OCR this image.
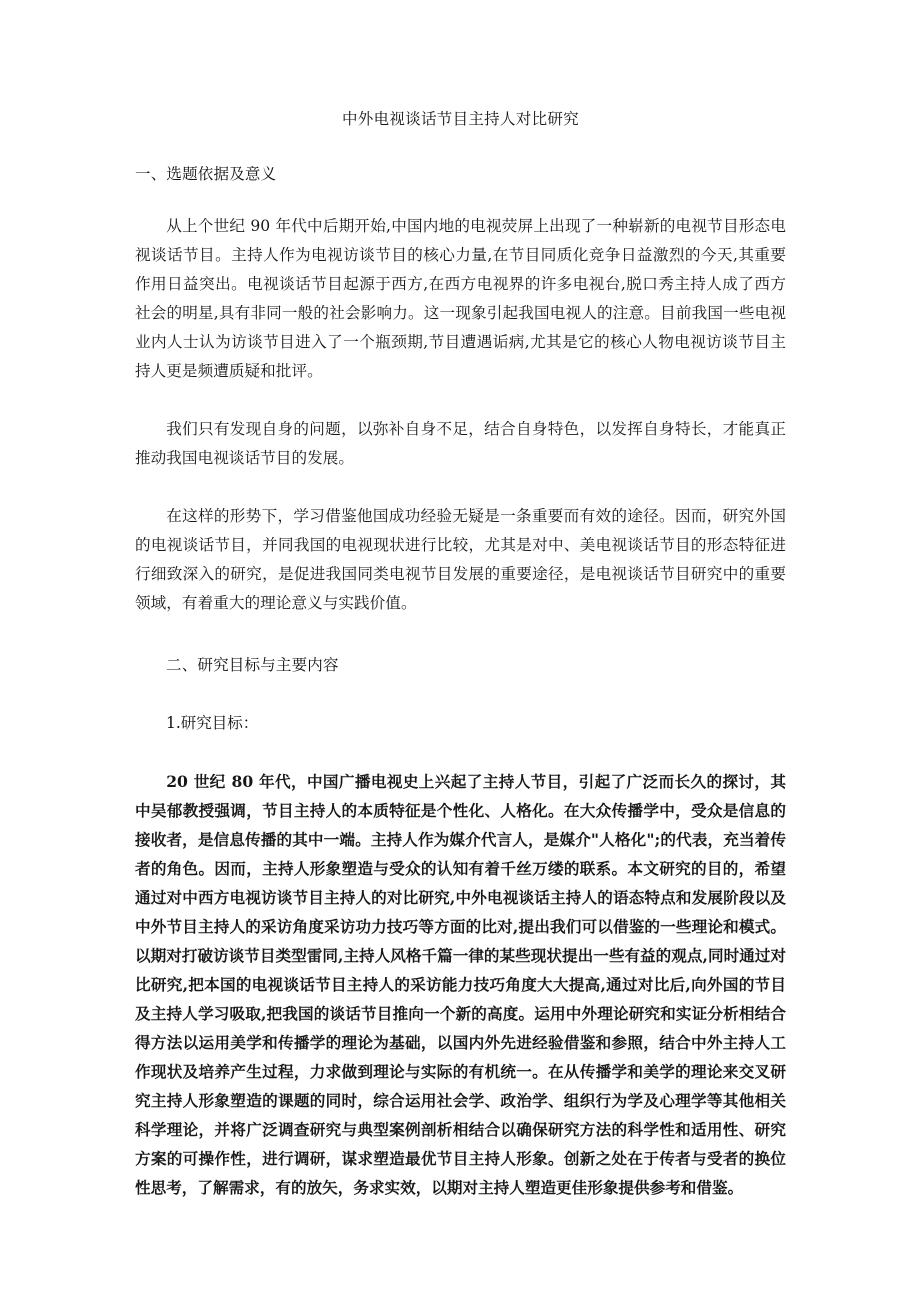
中外电视谈话节目主持人对比研究
一、选题依据及意义

从上个世纪 90 年代中后期开始,中国内地的电视荧屏上出现了一种崭新的电视节目形态电视谈话节目。主持人作为电视访谈节目的核心力量,在节目同质化竞争日益激烈的今天,其重要作用日益突出。电视谈话节目起源于西方,在西方电视界的许多电视台,脱口秀主持人成了西方社会的明星,具有非同一般的社会影响力。这一现象引起我国电视人的注意。目前我国一些电视业内人士认为访谈节目进入了一个瓶颈期,节目遭遇诟病,尤其是它的核心人物电视访谈节目主持人更是频遭质疑和批评。

我们只有发现自身的问题，以弥补自身不足，结合自身特色，以发挥自身特长，才能真正推动我国电视谈话节目的发展。

在这样的形势下，学习借鉴他国成功经验无疑是一条重要而有效的途径。因而，研究外国的电视谈话节目，并同我国的电视现状进行比较，尤其是对中、美电视谈话节目的形态特征进行细致深入的研究，是促进我国同类电视节目发展的重要途径，是电视谈话节目研究中的重要领域，有着重大的理论意义与实践价值。

二、研究目标与主要内容
1.研究目标：

20 世纪 80 年代，中国广播电视史上兴起了主持人节目，引起了广泛而长久的探讨，其中吴郁教授强调，节目主持人的本质特征是个性化、人格化。在大众传播学中，受众是信息的接收者，是信息传播的其中一端。主持人作为媒介代言人，是媒介"人格化";的代表，充当着传者的角色。因而，主持人形象塑造与受众的认知有着千丝万缕的联系。本文研究的目的，希望通过对中西方电视访谈节目主持人的对比研究,中外电视谈话主持人的语态特点和发展阶段以及中外节目主持人的采访角度采访功力技巧等方面的比对,提出我们可以借鉴的一些理论和模式。以期对打破访谈节目类型雷同,主持人风格千篇一律的某些现状提出一些有益的观点,同时通过对比研究,把本国的电视谈话节目主持人的采访能力技巧角度大大提高,通过对比后,向外国的节目及主持人学习吸取,把我国的谈话节目推向一个新的高度。运用中外理论研究和实证分析相结合得方法以运用美学和传播学的理论为基础，以国内外先进经验借鉴和参照，结合中外主持人工作现状及培养产生过程，力求做到理论与实际的有机统一。在从传播学和美学的理论来交叉研究主持人形象塑造的课题的同时，综合运用社会学、政治学、组织行为学及心理学等其他相关科学理论，并将广泛调查研究与典型案例剖析相结合以确保研究方法的科学性和适用性、研究方案的可操作性，进行调研，谋求塑造最优节目主持人形象。创新之处在于传者与受者的换位性思考，了解需求，有的放矢，务求实效，以期对主持人塑造更佳形象提供参考和借鉴。
